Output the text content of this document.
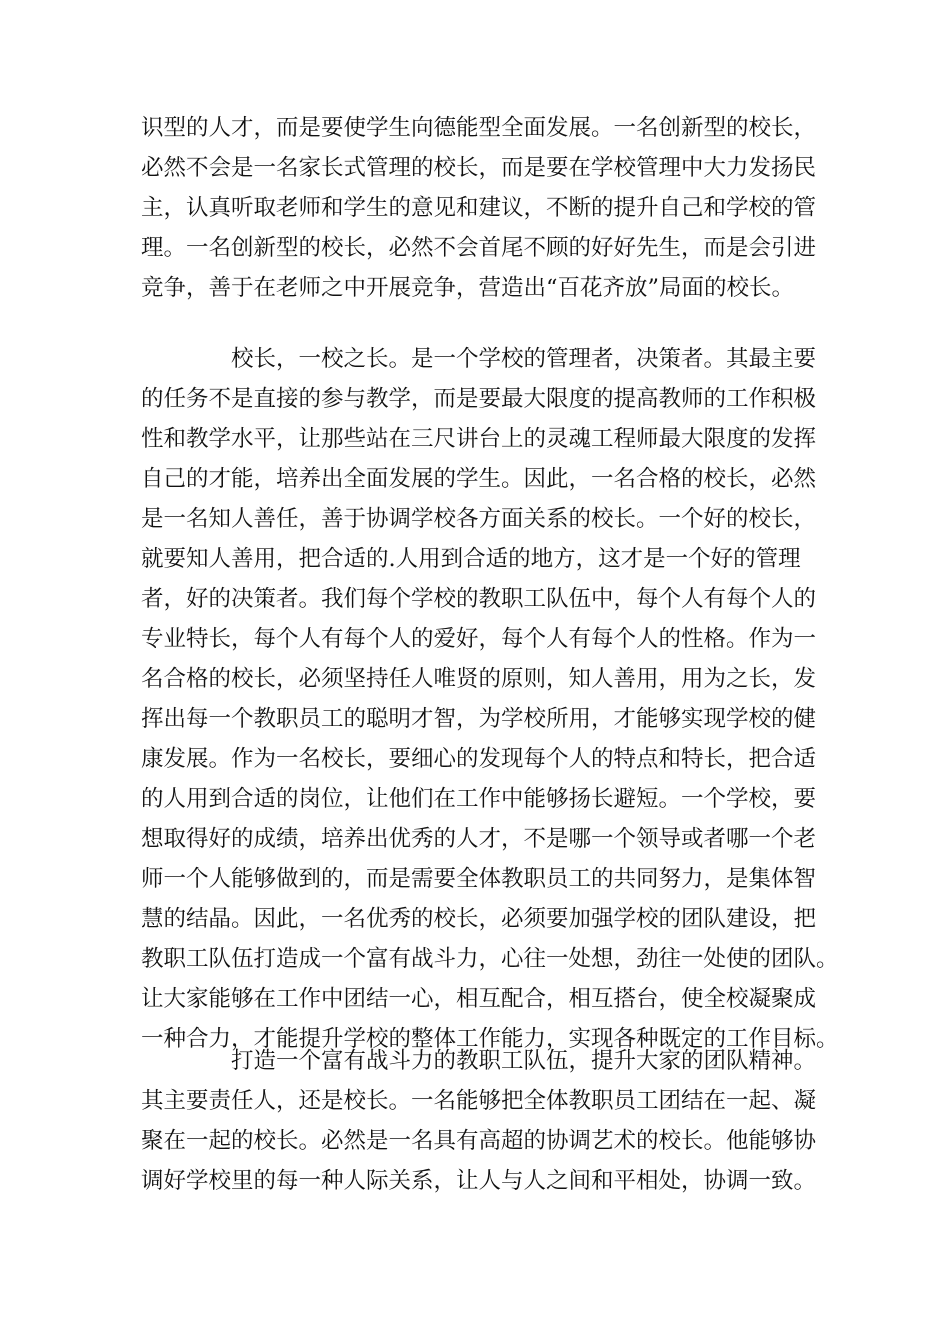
识型的人才，而是要使学生向德能型全面发展。一名创新型的校长，
必然不会是一名家长式管理的校长，而是要在学校管理中大力发扬民
主，认真听取老师和学生的意见和建议，不断的提升自己和学校的管
理。一名创新型的校长，必然不会首尾不顾的好好先生，而是会引进
竞争，善于在老师之中开展竞争，营造出“百花齐放”局面的校长。
校长，一校之长。是一个学校的管理者，决策者。其最主要
的任务不是直接的参与教学，而是要最大限度的提高教师的工作积极
性和教学水平，让那些站在三尺讲台上的灵魂工程师最大限度的发挥
自己的才能，培养出全面发展的学生。因此，一名合格的校长，必然
是一名知人善任，善于协调学校各方面关系的校长。一个好的校长，
就要知人善用，把合适的.人用到合适的地方，这才是一个好的管理
者，好的决策者。我们每个学校的教职工队伍中，每个人有每个人的
专业特长，每个人有每个人的爱好，每个人有每个人的性格。作为一
名合格的校长，必须坚持任人唯贤的原则，知人善用，用为之长，发
挥出每一个教职员工的聪明才智，为学校所用，才能够实现学校的健
康发展。作为一名校长，要细心的发现每个人的特点和特长，把合适
的人用到合适的岗位，让他们在工作中能够扬长避短。一个学校，要
想取得好的成绩，培养出优秀的人才，不是哪一个领导或者哪一个老
师一个人能够做到的，而是需要全体教职员工的共同努力，是集体智
慧的结晶。因此，一名优秀的校长，必须要加强学校的团队建设，把
教职工队伍打造成一个富有战斗力，心往一处想，劲往一处使的团队。
让大家能够在工作中团结一心，相互配合，相互搭台，使全校凝聚成
一种合力，才能提升学校的整体工作能力，实现各种既定的工作目标。
打造一个富有战斗力的教职工队伍，提升大家的团队精神。
其主要责任人，还是校长。一名能够把全体教职员工团结在一起、凝
聚在一起的校长。必然是一名具有高超的协调艺术的校长。他能够协
调好学校里的每一种人际关系，让人与人之间和平相处，协调一致。
